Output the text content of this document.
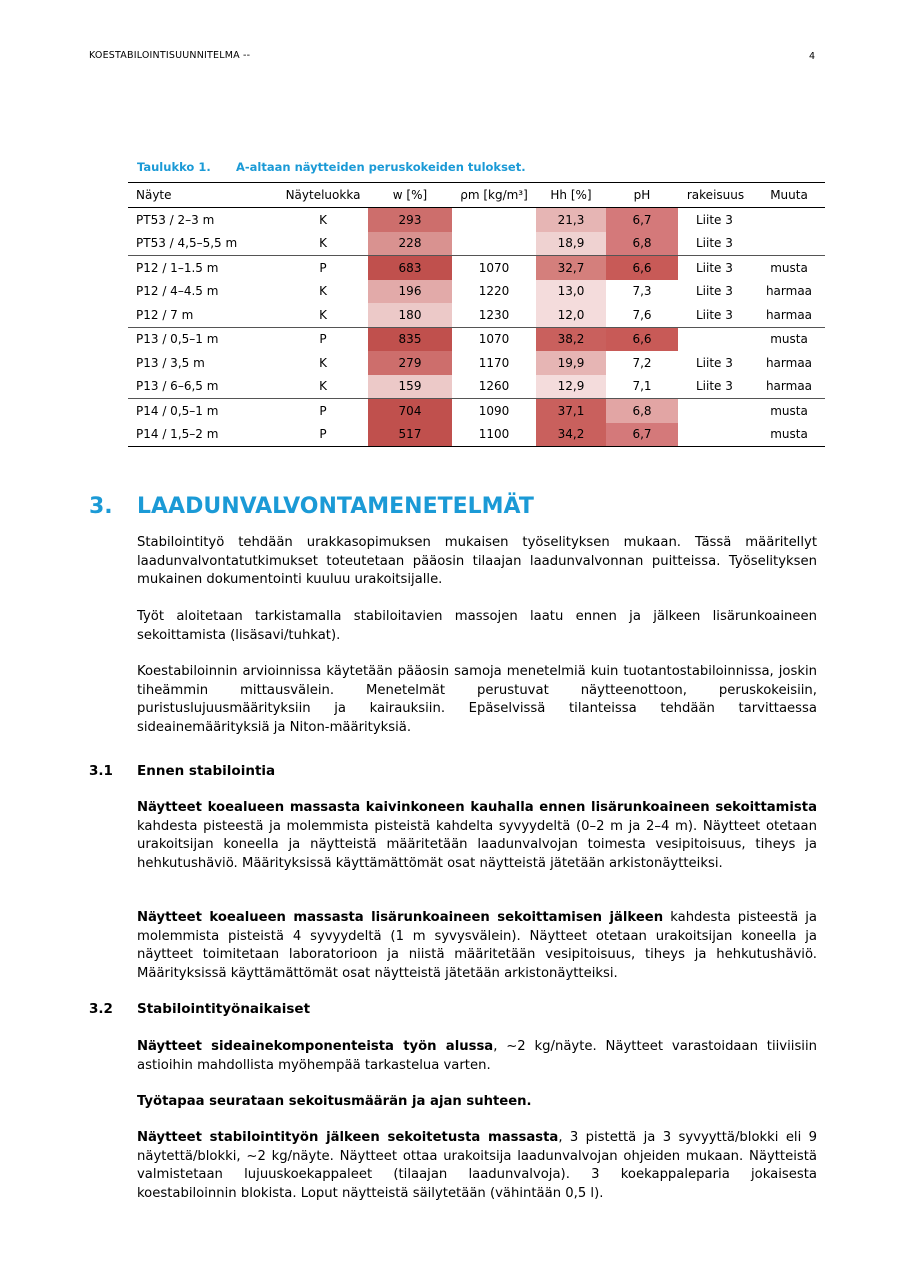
KOESTABILOINTISUUNNITELMA --	4
Taulukko 1. A-altaan näytteiden peruskokeiden tulokset.
Näyte	Näyteluokka	w [%]	ρm [kg/m³]	Hh [%]	pH	rakeisuus	Muuta
PT53 / 2–3 m	K	293		21,3	6,7	Liite 3	
PT53 / 4,5–5,5 m	K	228		18,9	6,8	Liite 3	
P12 / 1–1.5 m	P	683	1070	32,7	6,6	Liite 3	musta
P12 / 4–4.5 m	K	196	1220	13,0	7,3	Liite 3	harmaa
P12 / 7 m	K	180	1230	12,0	7,6	Liite 3	harmaa
P13 / 0,5–1 m	P	835	1070	38,2	6,6		musta
P13 / 3,5 m	K	279	1170	19,9	7,2	Liite 3	harmaa
P13 / 6–6,5 m	K	159	1260	12,9	7,1	Liite 3	harmaa
P14 / 0,5–1 m	P	704	1090	37,1	6,8		musta
P14 / 1,5–2 m	P	517	1100	34,2	6,7		musta
3. LAADUNVALVONTAMENETELMÄT

Stabilointityö tehdään urakkasopimuksen mukaisen työselityksen mukaan. Tässä määritellyt laadunvalvontatutkimukset toteutetaan pääosin tilaajan laadunvalvonnan puitteissa. Työselityksen mukainen dokumentointi kuuluu urakoitsijalle.

Työt aloitetaan tarkistamalla stabiloitavien massojen laatu ennen ja jälkeen lisärunkoaineen sekoittamista (lisäsavi/tuhkat).

Koestabiloinnin arvioinnissa käytetään pääosin samoja menetelmiä kuin tuotantostabiloinnissa, joskin tiheämmin mittausvälein. Menetelmät perustuvat näytteenottoon, peruskokeisiin, puristuslujuusmäärityksiin ja kairauksiin. Epäselvissä tilanteissa tehdään tarvittaessa sideainemäärityksiä ja Niton-määrityksiä.

3.1 Ennen stabilointia

Näytteet koealueen massasta kaivinkoneen kauhalla ennen lisärunkoaineen sekoittamista kahdesta pisteestä ja molemmista pisteistä kahdelta syvyydeltä (0–2 m ja 2–4 m). Näytteet otetaan urakoitsijan koneella ja näytteistä määritetään laadunvalvojan toimesta vesipitoisuus, tiheys ja hehkutushäviö. Määrityksissä käyttämättömät osat näytteistä jätetään arkistonäytteiksi.

Näytteet koealueen massasta lisärunkoaineen sekoittamisen jälkeen kahdesta pisteestä ja molemmista pisteistä 4 syvyydeltä (1 m syvysvälein). Näytteet otetaan urakoitsijan koneella ja näytteet toimitetaan laboratorioon ja niistä määritetään vesipitoisuus, tiheys ja hehkutushäviö. Määrityksissä käyttämättömät osat näytteistä jätetään arkistonäytteiksi.

3.2 Stabilointityönaikaiset

Näytteet sideainekomponenteista työn alussa, ~2 kg/näyte. Näytteet varastoidaan tiiviisiin astioihin mahdollista myöhempää tarkastelua varten.

Työtapaa seurataan sekoitusmäärän ja ajan suhteen.

Näytteet stabilointityön jälkeen sekoitetusta massasta, 3 pistettä ja 3 syvyyttä/blokki eli 9 näytettä/blokki, ~2 kg/näyte. Näytteet ottaa urakoitsija laadunvalvojan ohjeiden mukaan. Näytteistä valmistetaan lujuuskoekappaleet (tilaajan laadunvalvoja). 3 koekappaleparia jokaisesta koestabiloinnin blokista. Loput näytteistä säilytetään (vähintään 0,5 l).
